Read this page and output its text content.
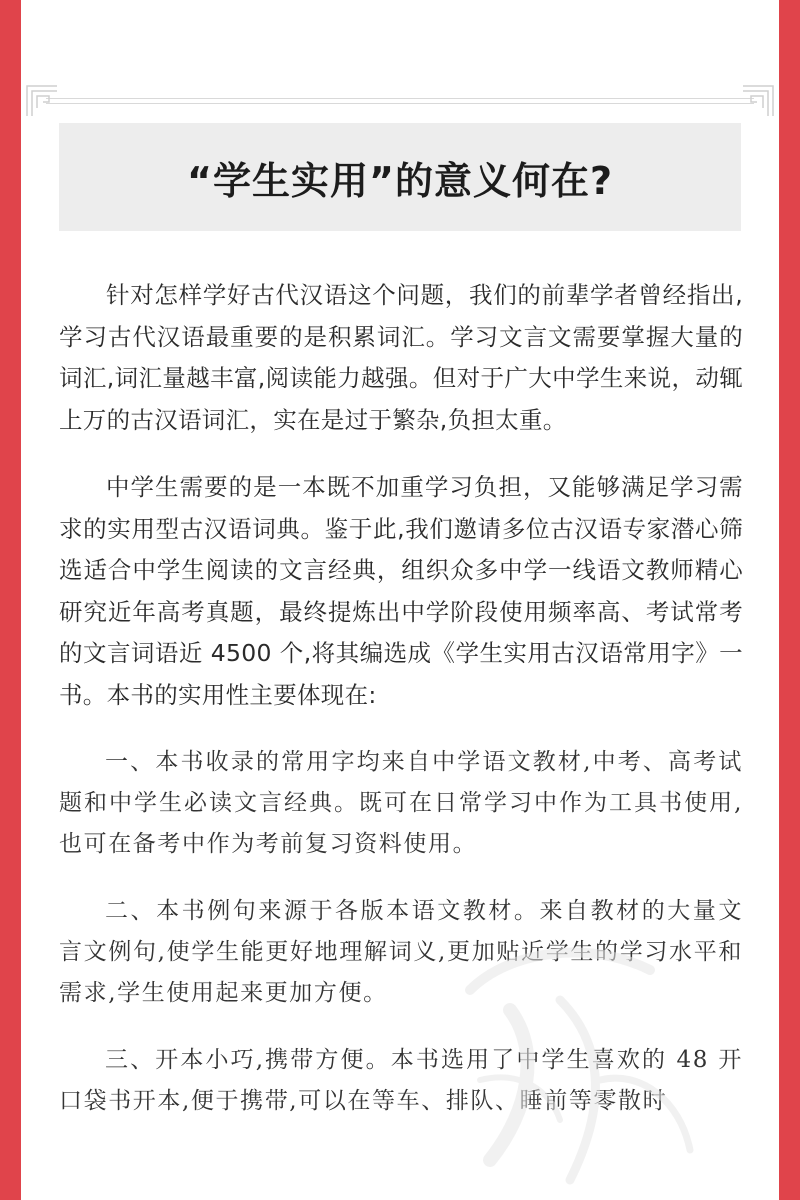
“学生实用”的意义何在?

针对怎样学好古代汉语这个问题，我们的前辈学者曾经指出,学习古代汉语最重要的是积累词汇。学习文言文需要掌握大量的词汇,词汇量越丰富,阅读能力越强。但对于广大中学生来说，动辄上万的古汉语词汇，实在是过于繁杂,负担太重。

中学生需要的是一本既不加重学习负担，又能够满足学习需求的实用型古汉语词典。鉴于此,我们邀请多位古汉语专家潜心筛选适合中学生阅读的文言经典，组织众多中学一线语文教师精心研究近年高考真题，最终提炼出中学阶段使用频率高、考试常考的文言词语近 4500 个,将其编选成《学生实用古汉语常用字》一书。本书的实用性主要体现在:

一、本书收录的常用字均来自中学语文教材,中考、高考试题和中学生必读文言经典。既可在日常学习中作为工具书使用,也可在备考中作为考前复习资料使用。

二、本书例句来源于各版本语文教材。来自教材的大量文言文例句,使学生能更好地理解词义,更加贴近学生的学习水平和需求,学生使用起来更加方便。

三、开本小巧,携带方便。本书选用了中学生喜欢的 48 开口袋书开本,便于携带,可以在等车、排队、睡前等零散时
